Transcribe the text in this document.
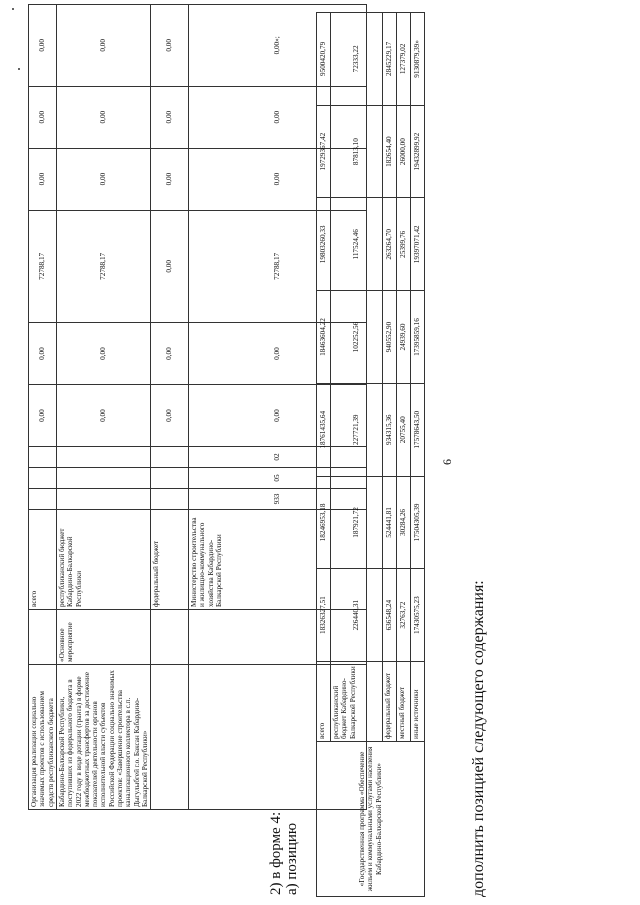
6
дополнить позицией следующего содержания:
Организация реализации социально значимых проектов с использованием средств республиканского бюджета		всего				0,00	0,00	72788,17	0,00	0,00	0,00
Кабардино-Балкарской Республики, поступивших из федерального бюджета в 2022 году в виде дотации (гранта) в форме межбюджетных трансфертов за достижение показателей деятельности органов исполнительной власти субъектов Российской Федерации социально значимых проектов: «Завершение строительства канализационного коллектора в с.п. Дыгулыбгей г.о. Баксан Кабардино-Балкарской Республики»	«Основное мероприятие	республиканский бюджет Кабардино-Балкарской Республики				0,00	0,00	72788,17	0,00	0,00	0,00
		федеральный бюджет				0,00	0,00	0,00	0,00	0,00	0,00
		Министерство строительства и жилищно-коммунального хозяйства Кабардино-Балкарской Республики	933	05	02	0,00	0,00	72788,17	0,00	0,00	0,00»;
2) в форме 4: а) позицию	«Государственная программа «Обеспечение жильем и коммунальными услугами населения Кабардино-Балкарской Республики»	всего	18326327,51	18246953,18	18761435,64	18463604,22	19803260,33	19729367,42	9500420,79
	республиканский бюджет Кабардино-Балкарской Республики	226440,31	187921,72	227721,39	102252,56	117524,46	87813,10	72333,22
	федеральный бюджет	636548,24	524441,81	934315,36	940552,90	263264,70	182654,40	2845229,17
	местный бюджет	32763,72	30284,26	20755,40	24939,60	25399,76	26000,00	127379,02
	иные источники	17430575,23	17504305,39	17578643,50	17395859,16	19397071,42	19432899,92	9130879,39»
